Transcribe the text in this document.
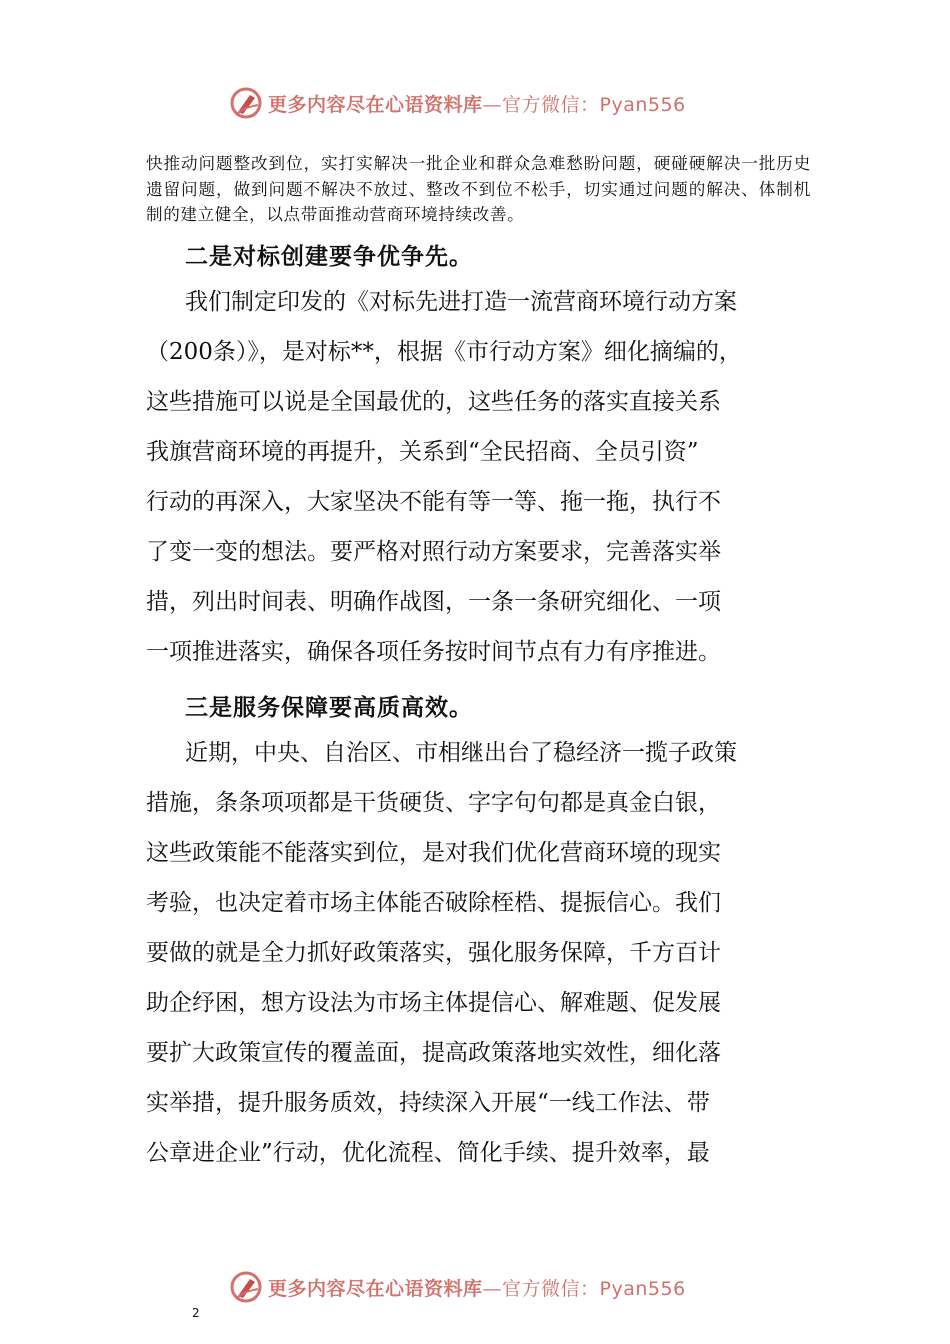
更多内容尽在心语资料库—官方微信：Pyan556
快推动问题整改到位，实打实解决一批企业和群众急难愁盼问题，硬碰硬解决一批历史遗留问题，做到问题不解决不放过、整改不到位不松手，切实通过问题的解决、体制机制的建立健全，以点带面推动营商环境持续改善。
二是对标创建要争优争先。
我们制定印发的《对标先进打造一流营商环境行动方案
（200条）》，是对标**，根据《市行动方案》细化摘编的，
这些措施可以说是全国最优的，这些任务的落实直接关系
我旗营商环境的再提升，关系到“全民招商、全员引资”
行动的再深入，大家坚决不能有等一等、拖一拖，执行不
了变一变的想法。要严格对照行动方案要求，完善落实举
措，列出时间表、明确作战图，一条一条研究细化、一项
一项推进落实，确保各项任务按时间节点有力有序推进。
三是服务保障要高质高效。
近期，中央、自治区、市相继出台了稳经济一揽子政策
措施，条条项项都是干货硬货、字字句句都是真金白银，
这些政策能不能落实到位，是对我们优化营商环境的现实
考验，也决定着市场主体能否破除桎梏、提振信心。我们
要做的就是全力抓好政策落实，强化服务保障，千方百计
助企纾困，想方设法为市场主体提信心、解难题、促发展
要扩大政策宣传的覆盖面，提高政策落地实效性，细化落
实举措，提升服务质效，持续深入开展“一线工作法、带
公章进企业”行动，优化流程、简化手续、提升效率，最
更多内容尽在心语资料库—官方微信：Pyan556
2
